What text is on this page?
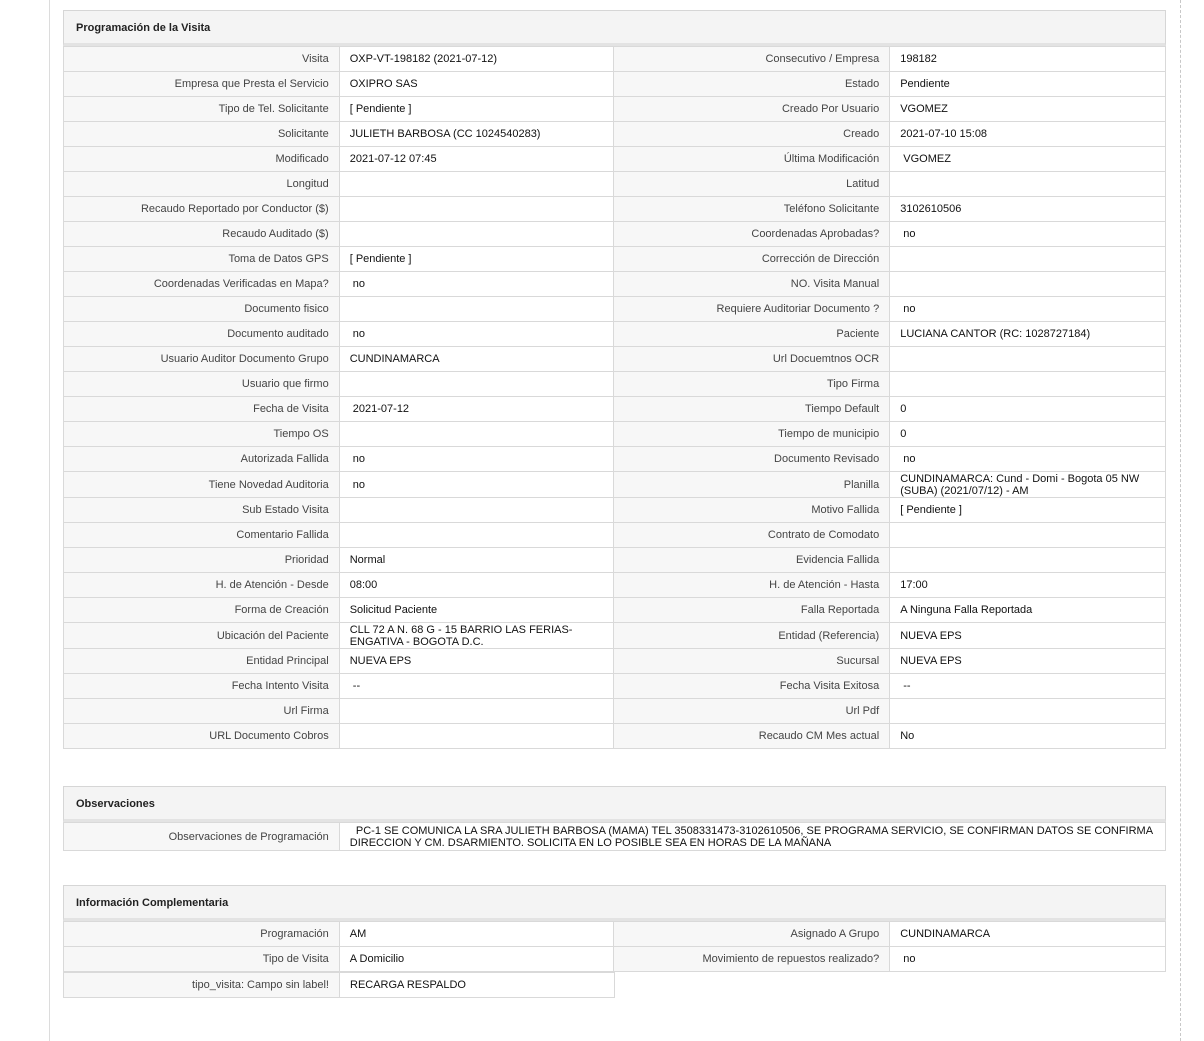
Programación de la Visita
Visita	OXP-VT-198182 (2021-07-12)	Consecutivo / Empresa	198182
Empresa que Presta el Servicio	OXIPRO SAS	Estado	Pendiente
Tipo de Tel. Solicitante	[ Pendiente ]	Creado Por Usuario	VGOMEZ
Solicitante	JULIETH BARBOSA (CC 1024540283)	Creado	2021-07-10 15:08
Modificado	2021-07-12 07:45	Última Modificación	VGOMEZ
Longitud		Latitud	
Recaudo Reportado por Conductor ($)		Teléfono Solicitante	3102610506
Recaudo Auditado ($)		Coordenadas Aprobadas?	no
Toma de Datos GPS	[ Pendiente ]	Corrección de Dirección	
Coordenadas Verificadas en Mapa?	no	NO. Visita Manual	
Documento fisico		Requiere Auditoriar Documento ?	no
Documento auditado	no	Paciente	LUCIANA CANTOR (RC: 1028727184)
Usuario Auditor Documento Grupo	CUNDINAMARCA	Url Docuemtnos OCR	
Usuario que firmo		Tipo Firma	
Fecha de Visita	2021-07-12	Tiempo Default	0
Tiempo OS		Tiempo de municipio	0
Autorizada Fallida	no	Documento Revisado	no
Tiene Novedad Auditoria	no	Planilla	CUNDINAMARCA: Cund - Domi - Bogota 05 NW (SUBA) (2021/07/12) - AM
Sub Estado Visita		Motivo Fallida	[ Pendiente ]
Comentario Fallida		Contrato de Comodato	
Prioridad	Normal	Evidencia Fallida	
H. de Atención - Desde	08:00	H. de Atención - Hasta	17:00
Forma de Creación	Solicitud Paciente	Falla Reportada	A Ninguna Falla Reportada
Ubicación del Paciente	CLL 72 A N. 68 G - 15 BARRIO LAS FERIAS- ENGATIVA - BOGOTA D.C.	Entidad (Referencia)	NUEVA EPS
Entidad Principal	NUEVA EPS	Sucursal	NUEVA EPS
Fecha Intento Visita	--	Fecha Visita Exitosa	--
Url Firma		Url Pdf	
URL Documento Cobros		Recaudo CM Mes actual	No
Observaciones
Observaciones de Programación	PC-1 SE COMUNICA LA SRA JULIETH BARBOSA (MAMA) TEL 3508331473-3102610506, SE PROGRAMA SERVICIO, SE CONFIRMAN DATOS SE CONFIRMA DIRECCION Y CM. DSARMIENTO. SOLICITA EN LO POSIBLE SEA EN HORAS DE LA MAÑANA
Información Complementaria
Programación	AM	Asignado A Grupo	CUNDINAMARCA
Tipo de Visita	A Domicilio	Movimiento de repuestos realizado?	no
tipo_visita: Campo sin label!	RECARGA RESPALDO
